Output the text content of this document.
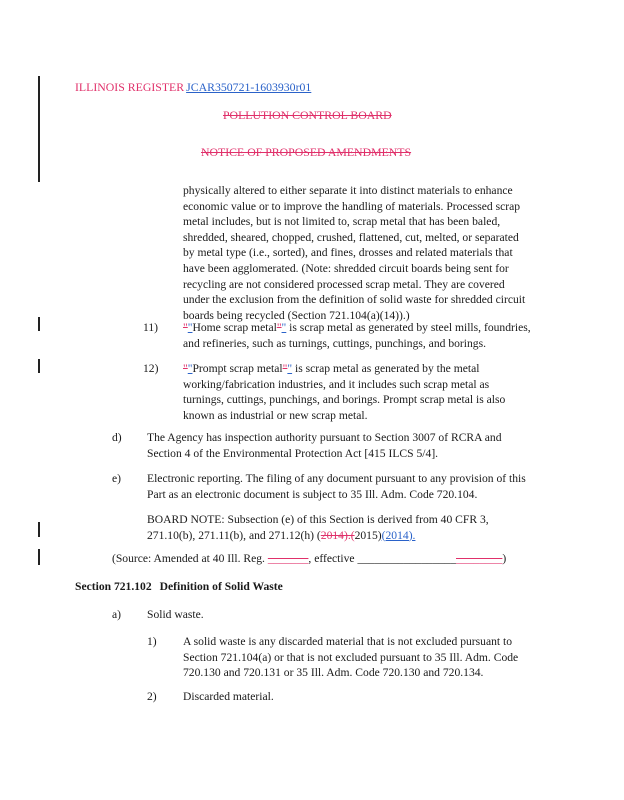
ILLINOIS REGISTER JCAR350721-1603930r01
POLLUTION CONTROL BOARD
NOTICE OF PROPOSED AMENDMENTS
physically altered to either separate it into distinct materials to enhance
economic value or to improve the handling of materials. Processed scrap
metal includes, but is not limited to, scrap metal that has been baled,
shredded, sheared, chopped, crushed, flattened, cut, melted, or separated
by metal type (i.e., sorted), and fines, drosses and related materials that
have been agglomerated. (Note: shredded circuit boards being sent for
recycling are not considered processed scrap metal. They are covered
under the exclusion from the definition of solid waste for shredded circuit
boards being recycled (Section 721.104(a)(14)).)
11) ""Home scrap metal"" is scrap metal as generated by steel mills, foundries,
and refineries, such as turnings, cuttings, punchings, and borings.
12) ""Prompt scrap metal"" is scrap metal as generated by the metal
working/fabrication industries, and it includes such scrap metal as
turnings, cuttings, punchings, and borings. Prompt scrap metal is also
known as industrial or new scrap metal.
d) The Agency has inspection authority pursuant to Section 3007 of RCRA and
Section 4 of the Environmental Protection Act [415 ILCS 5/4].
e) Electronic reporting. The filing of any document pursuant to any provision of this
Part as an electronic document is subject to 35 Ill. Adm. Code 720.104.
BOARD NOTE: Subsection (e) of this Section is derived from 40 CFR 3,
271.10(b), 271.11(b), and 271.12(h) (2014).(2015)(2014).
(Source: Amended at 40 Ill. Reg. _______, effective _________________________)
Section 721.102 Definition of Solid Waste
a) Solid waste.
1) A solid waste is any discarded material that is not excluded pursuant to
Section 721.104(a) or that is not excluded pursuant to 35 Ill. Adm. Code
720.130 and 720.131 or 35 Ill. Adm. Code 720.130 and 720.134.
2) Discarded material.
